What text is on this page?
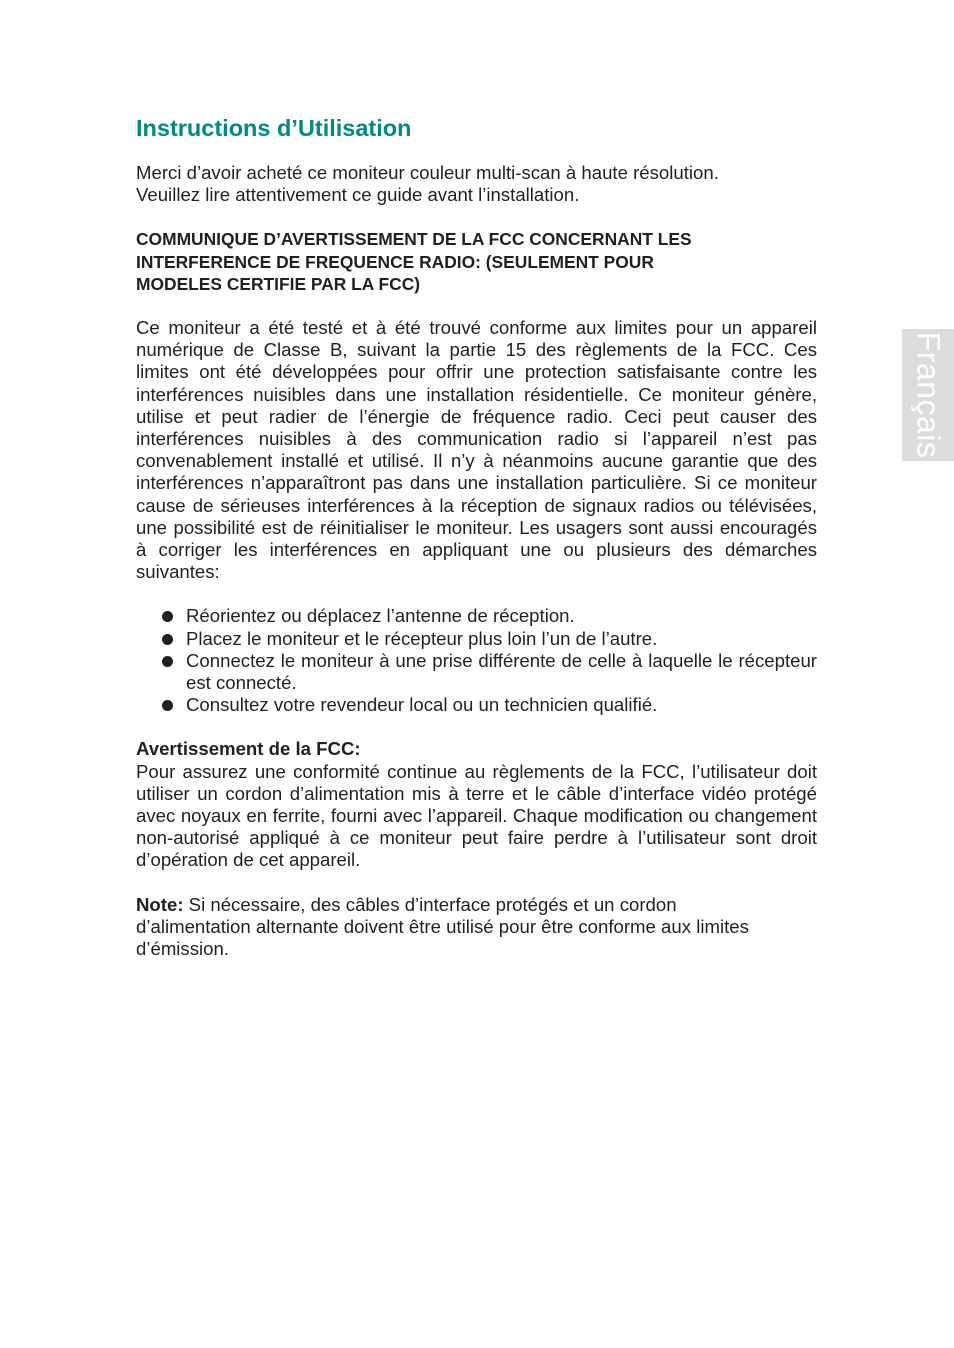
Instructions d’Utilisation

Merci d’avoir acheté ce moniteur couleur multi-scan à haute résolution.
Veuillez lire attentivement ce guide avant l’installation.

COMMUNIQUE D’AVERTISSEMENT DE LA FCC CONCERNANT LES
INTERFERENCE DE FREQUENCE RADIO: (SEULEMENT POUR
MODELES CERTIFIE PAR LA FCC)

Ce moniteur a été testé et à été trouvé conforme aux limites pour un appareil numérique de Classe B, suivant la partie 15 des règlements de la FCC. Ces limites ont été développées pour offrir une protection satisfaisante contre les interférences nuisibles dans une installation résidentielle. Ce moniteur génère, utilise et peut radier de l’énergie de fréquence radio. Ceci peut causer des interférences nuisibles à des communication radio si l’appareil n’est pas convenablement installé et utilisé. Il n’y à néanmoins aucune garantie que des interférences n’apparaîtront pas dans une installation particulière. Si ce moniteur cause de sérieuses interférences à la réception de signaux radios ou télévisées, une possibilité est de réinitialiser le moniteur. Les usagers sont aussi encouragés à corriger les interférences en appliquant une ou plusieurs des démarches suivantes:

Réorientez ou déplacez l’antenne de réception.
Placez le moniteur et le récepteur plus loin l’un de l’autre.
Connectez le moniteur à une prise différente de celle à laquelle le récepteur est connecté.
Consultez votre revendeur local ou un technicien qualifié.

Avertissement de la FCC:

Pour assurez une conformité continue au règlements de la FCC, l’utilisateur doit utiliser un cordon d’alimentation mis à terre et le câble d’interface vidéo protégé avec noyaux en ferrite, fourni avec l’appareil. Chaque modification ou changement non-autorisé appliqué à ce moniteur peut faire perdre à l’utilisateur sont droit d’opération de cet appareil.

Note: Si nécessaire, des câbles d’interface protégés et un cordon
d’alimentation alternante doivent être utilisé pour être conforme aux limites
d’émission.

Français
